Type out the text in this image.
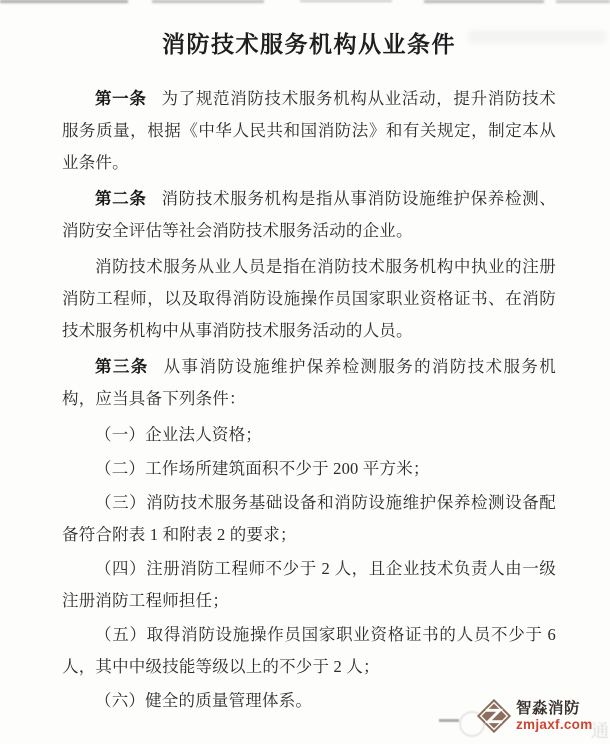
消防技术服务机构从业条件

第一条 为了规范消防技术服务机构从业活动，提升消防技术服务质量，根据《中华人民共和国消防法》和有关规定，制定本从业条件。

第二条 消防技术服务机构是指从事消防设施维护保养检测、消防安全评估等社会消防技术服务活动的企业。

消防技术服务从业人员是指在消防技术服务机构中执业的注册消防工程师，以及取得消防设施操作员国家职业资格证书、在消防技术服务机构中从事消防技术服务活动的人员。

第三条 从事消防设施维护保养检测服务的消防技术服务机构，应当具备下列条件：

（一）企业法人资格；

（二）工作场所建筑面积不少于 200 平方米；

（三）消防技术服务基础设备和消防设施维护保养检测设备配备符合附表 1 和附表 2 的要求；

（四）注册消防工程师不少于 2 人，且企业技术负责人由一级注册消防工程师担任；

（五）取得消防设施操作员国家职业资格证书的人员不少于 6 人，其中中级技能等级以上的不少于 2 人；

（六）健全的质量管理体系。

通
智淼消防
zmjaxf.com
